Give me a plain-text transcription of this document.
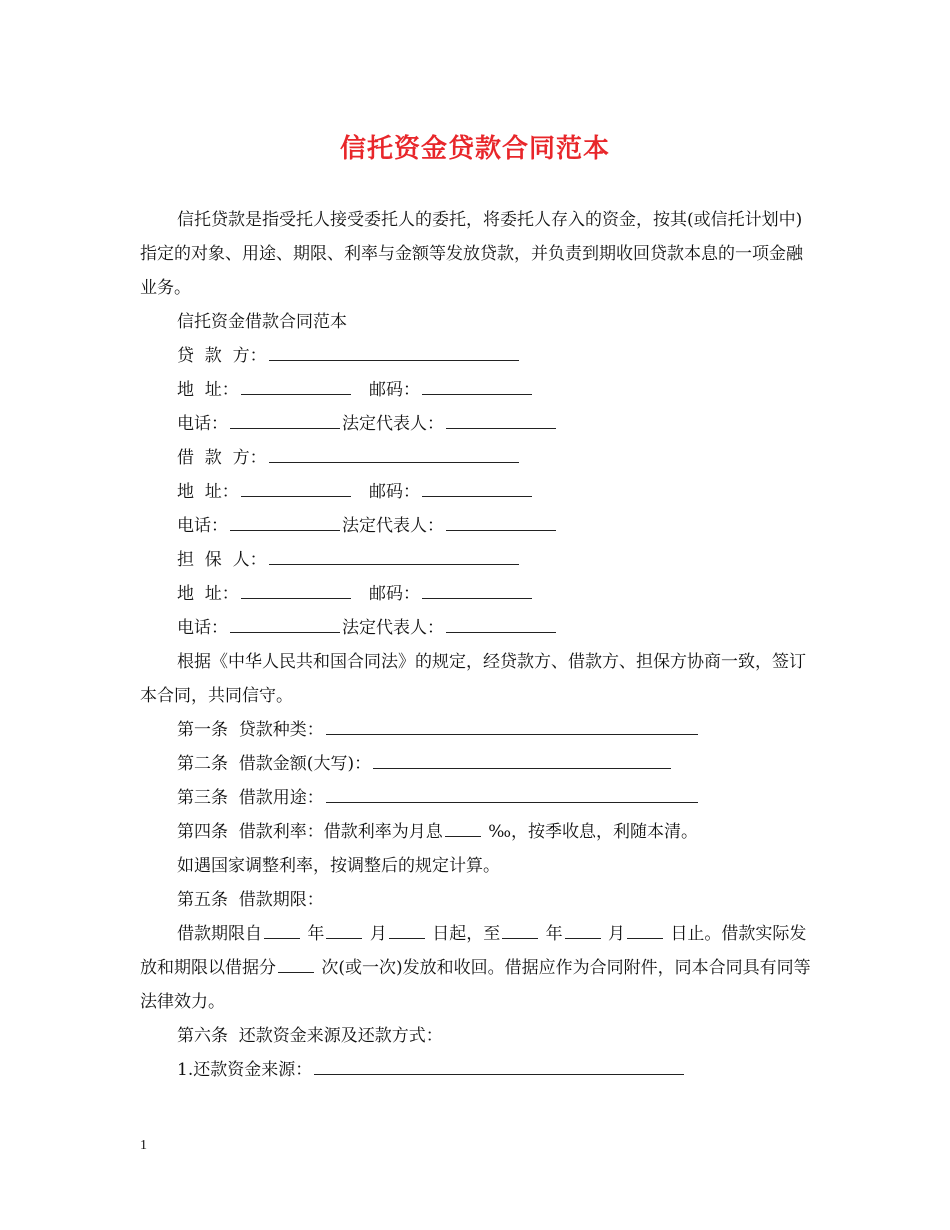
信托资金贷款合同范本

信托贷款是指受托人接受委托人的委托，将委托人存入的资金，按其(或信托计划中)指定的对象、用途、期限、利率与金额等发放贷款，并负责到期收回贷款本息的一项金融业务。

信托资金借款合同范本

贷  款  方：

地  址：	邮码：

电话：	法定代表人：

借  款  方：

地  址：	邮码：

电话：	法定代表人：

担  保  人：

地  址：	邮码：

电话：	法定代表人：

根据《中华人民共和国合同法》的规定，经贷款方、借款方、担保方协商一致，签订本合同，共同信守。

第一条  贷款种类：

第二条  借款金额(大写)：

第三条  借款用途：

第四条  借款利率：借款利率为月息	‰，按季收息，利随本清。

如遇国家调整利率，按调整后的规定计算。

第五条  借款期限：

借款期限自	年	月	日起，至	年	月	日止。借款实际发放和期限以借据分	次(或一次)发放和收回。借据应作为合同附件，同本合同具有同等法律效力。

第六条  还款资金来源及还款方式：

1.还款资金来源：

1
